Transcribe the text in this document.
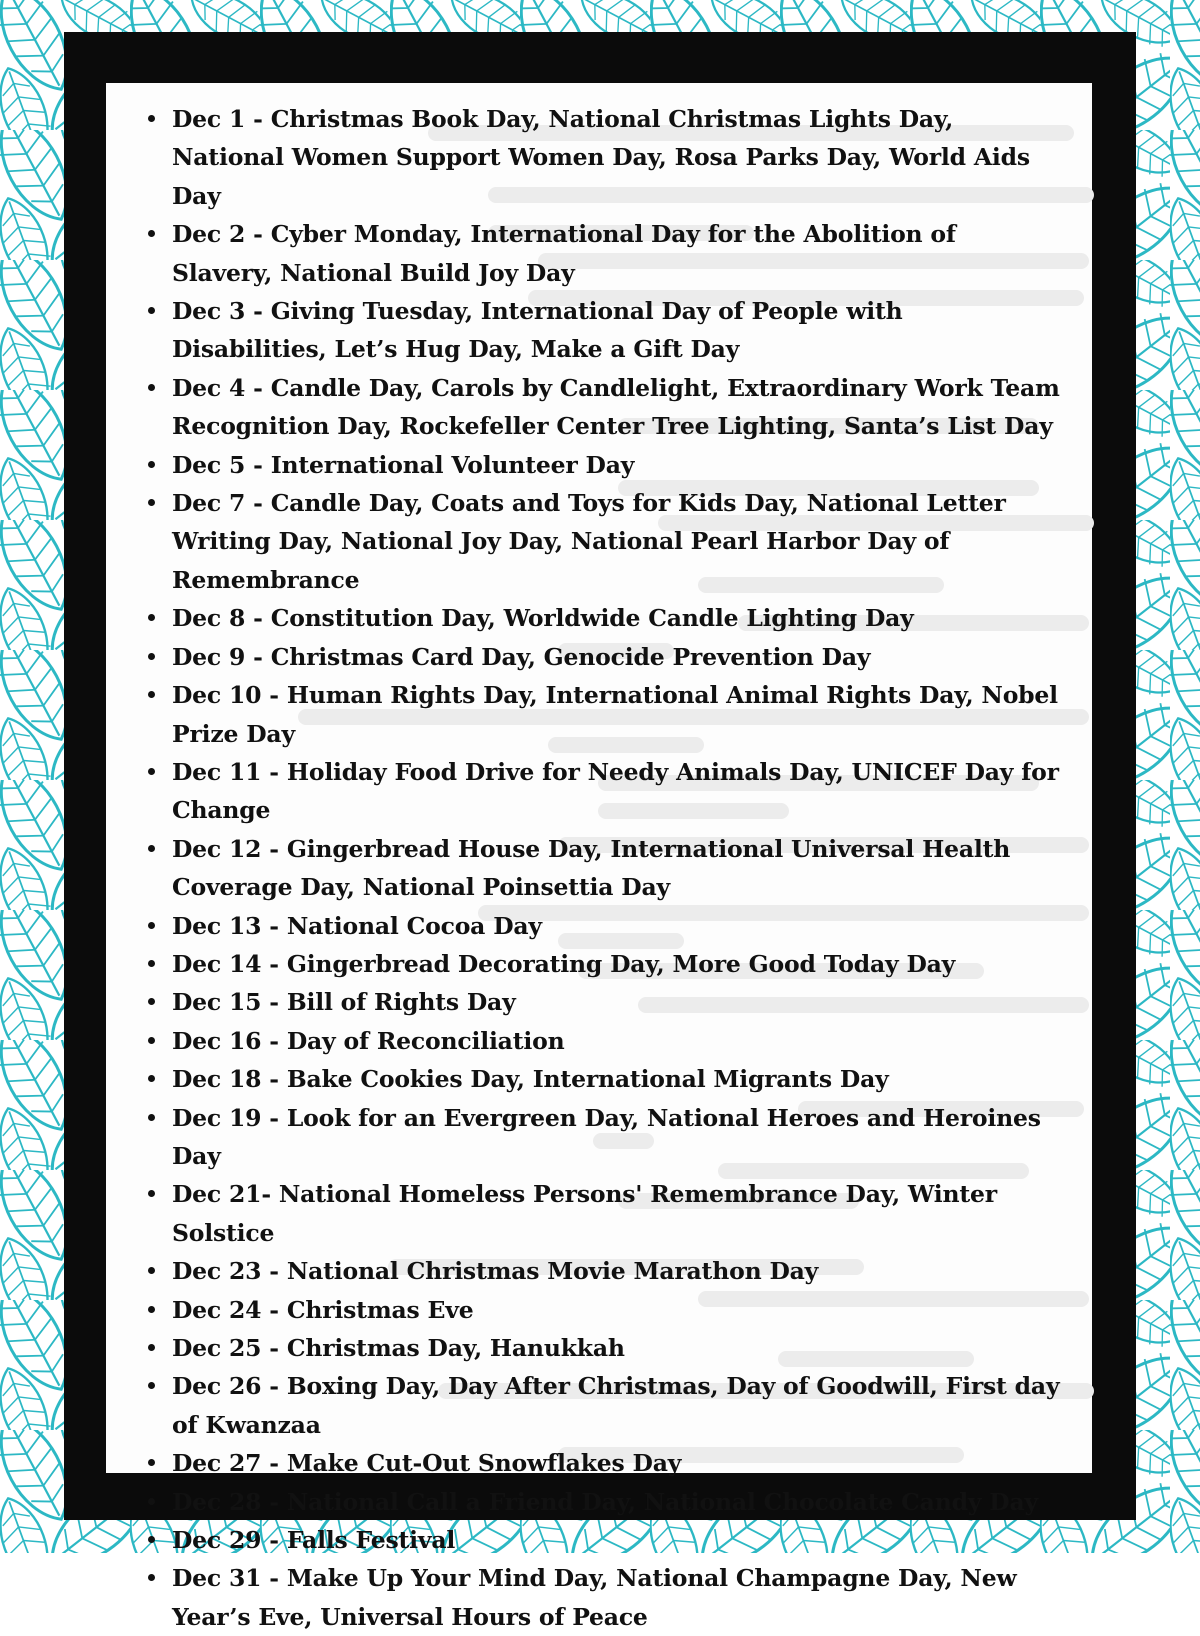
Dec 1 - Christmas Book Day, National Christmas Lights Day, National Women Support Women Day, Rosa Parks Day, World Aids Day
Dec 2 - Cyber Monday, International Day for the Abolition of Slavery, National Build Joy Day
Dec 3 - Giving Tuesday, International Day of People with Disabilities, Let’s Hug Day, Make a Gift Day
Dec 4 - Candle Day, Carols by Candlelight, Extraordinary Work Team Recognition Day, Rockefeller Center Tree Lighting, Santa’s List Day
Dec 5 - International Volunteer Day
Dec 7 - Candle Day, Coats and Toys for Kids Day, National Letter Writing Day, National Joy Day, National Pearl Harbor Day of Remembrance
Dec 8 - Constitution Day, Worldwide Candle Lighting Day
Dec 9 - Christmas Card Day, Genocide Prevention Day
Dec 10 - Human Rights Day, International Animal Rights Day, Nobel Prize Day
Dec 11 - Holiday Food Drive for Needy Animals Day, UNICEF Day for Change
Dec 12 - Gingerbread House Day, International Universal Health Coverage Day, National Poinsettia Day
Dec 13 - National Cocoa Day
Dec 14 - Gingerbread Decorating Day, More Good Today Day
Dec 15 - Bill of Rights Day
Dec 16 - Day of Reconciliation
Dec 18 - Bake Cookies Day, International Migrants Day
Dec 19 - Look for an Evergreen Day, National Heroes and Heroines Day
Dec 21- National Homeless Persons' Remembrance Day, Winter Solstice
Dec 23 - National Christmas Movie Marathon Day
Dec 24 - Christmas Eve
Dec 25 - Christmas Day, Hanukkah
Dec 26 - Boxing Day, Day After Christmas, Day of Goodwill, First day of Kwanzaa
Dec 27 - Make Cut-Out Snowflakes Day
Dec 28 - National Call a Friend Day, National Chocolate Candy Day
Dec 29 - Falls Festival
Dec 31 - Make Up Your Mind Day, National Champagne Day, New Year’s Eve, Universal Hours of Peace
